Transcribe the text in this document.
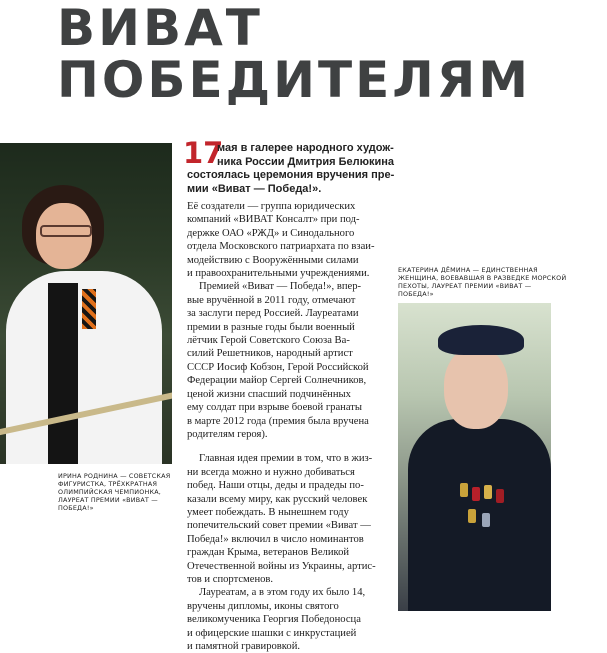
ВИВАТ
ПОБЕДИТЕЛЯМ
17
мая в галерее народного худож-
ника России Дмитрия Белюкина
состоялась церемония вручения пре-
мии «Виват — Победа!».
Её создатели — группа юридических
компаний «ВИВАТ Консалт» при под-
держке ОАО «РЖД» и Синодального
отдела Московского патриархата по взаи-
модействию с Вооружёнными силами
и правоохранительными учреждениями.
Премией «Виват — Победа!», впер-
вые вручённой в 2011 году, отмечают
за заслуги перед Россией. Лауреатами
премии в разные годы были военный
лётчик Герой Советского Союза Ва-
силий Решетников, народный артист
СССР Иосиф Кобзон, Герой Российской
Федерации майор Сергей Солнечников,
ценой жизни спасший подчинённых
ему солдат при взрыве боевой гранаты
в марте 2012 года (премия была вручена
родителям героя).
Главная идея премии в том, что в жиз-
ни всегда можно и нужно добиваться
побед. Наши отцы, деды и прадеды по-
казали всему миру, как русский человек
умеет побеждать. В нынешнем году
попечительский совет премии «Виват —
Победа!» включил в число номинантов
граждан Крыма, ветеранов Великой
Отечественной войны из Украины, артис-
тов и спортсменов.
Лауреатам, а в этом году их было 14,
вручены дипломы, иконы святого
великомученика Георгия Победоносца
и офицерские шашки с инкрустацией
и памятной гравировкой.
ИРИНА РОДНИНА — СОВЕТСКАЯ
ФИГУРИСТКА, ТРЁХКРАТНАЯ
ОЛИМПИЙСКАЯ ЧЕМПИОНКА,
ЛАУРЕАТ ПРЕМИИ «ВИВАТ —
ПОБЕДА!»
ЕКАТЕРИНА ДЁМИНА — ЕДИНСТВЕННАЯ
ЖЕНЩИНА, ВОЕВАВШАЯ В РАЗВЕДКЕ МОРСКОЙ
ПЕХОТЫ, ЛАУРЕАТ ПРЕМИИ «ВИВАТ —
ПОБЕДА!»
